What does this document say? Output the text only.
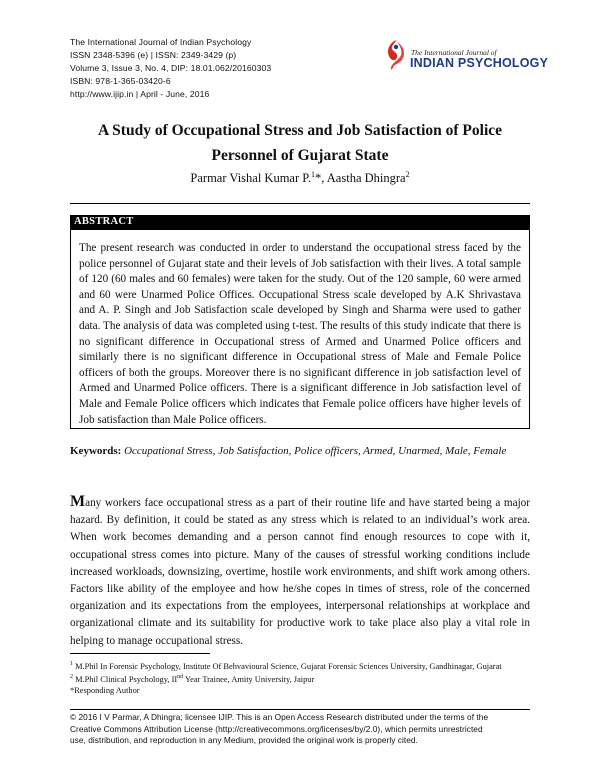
The International Journal of Indian Psychology
ISSN 2348-5396 (e) | ISSN: 2349-3429 (p)
Volume 3, Issue 3, No. 4, DIP: 18.01.062/20160303
ISBN: 978-1-365-03420-6
http://www.ijip.in | April - June, 2016
The International Journal of
INDIAN PSYCHOLOGY
A Study of Occupational Stress and Job Satisfaction of Police Personnel of Gujarat State
Parmar Vishal Kumar P.$^1$*, Aastha Dhingra$^2$
ABSTRACT
The present research was conducted in order to understand the occupational stress faced by the police personnel of Gujarat state and their levels of Job satisfaction with their lives. A total sample of 120 (60 males and 60 females) were taken for the study. Out of the 120 sample, 60 were armed and 60 were Unarmed Police Offices. Occupational Stress scale developed by A.K Shrivastava and A. P. Singh and Job Satisfaction scale developed by Singh and Sharma were used to gather data. The analysis of data was completed using t-test. The results of this study indicate that there is no significant difference in Occupational stress of Armed and Unarmed Police officers and similarly there is no significant difference in Occupational stress of Male and Female Police officers of both the groups. Moreover there is no significant difference in job satisfaction level of Armed and Unarmed Police officers. There is a significant difference in Job satisfaction level of Male and Female Police officers which indicates that Female police officers have higher levels of Job satisfaction than Male Police officers.
Keywords: Occupational Stress, Job Satisfaction, Police officers, Armed, Unarmed, Male, Female
Many workers face occupational stress as a part of their routine life and have started being a major hazard. By definition, it could be stated as any stress which is related to an individual’s work area. When work becomes demanding and a person cannot find enough resources to cope with it, occupational stress comes into picture. Many of the causes of stressful working conditions include increased workloads, downsizing, overtime, hostile work environments, and shift work among others. Factors like ability of the employee and how he/she copes in times of stress, role of the concerned organization and its expectations from the employees, interpersonal relationships at workplace and organizational climate and its suitability for productive work to take place also play a vital role in helping to manage occupational stress.
$^1$ M.Phil In Forensic Psychology, Institute Of Behvavioural Science, Gujarat Forensic Sciences University, Gandhinagar, Gujarat
$^2$ M.Phil Clinical Psychology, IInd Year Trainee, Amity University, Jaipur
*Responding Author
© 2016 I V Parmar, A Dhingra; licensee IJIP. This is an Open Access Research distributed under the terms of the
Creative Commons Attribution License (http://creativecommons.org/licenses/by/2.0), which permits unrestricted
use, distribution, and reproduction in any Medium, provided the original work is properly cited.
